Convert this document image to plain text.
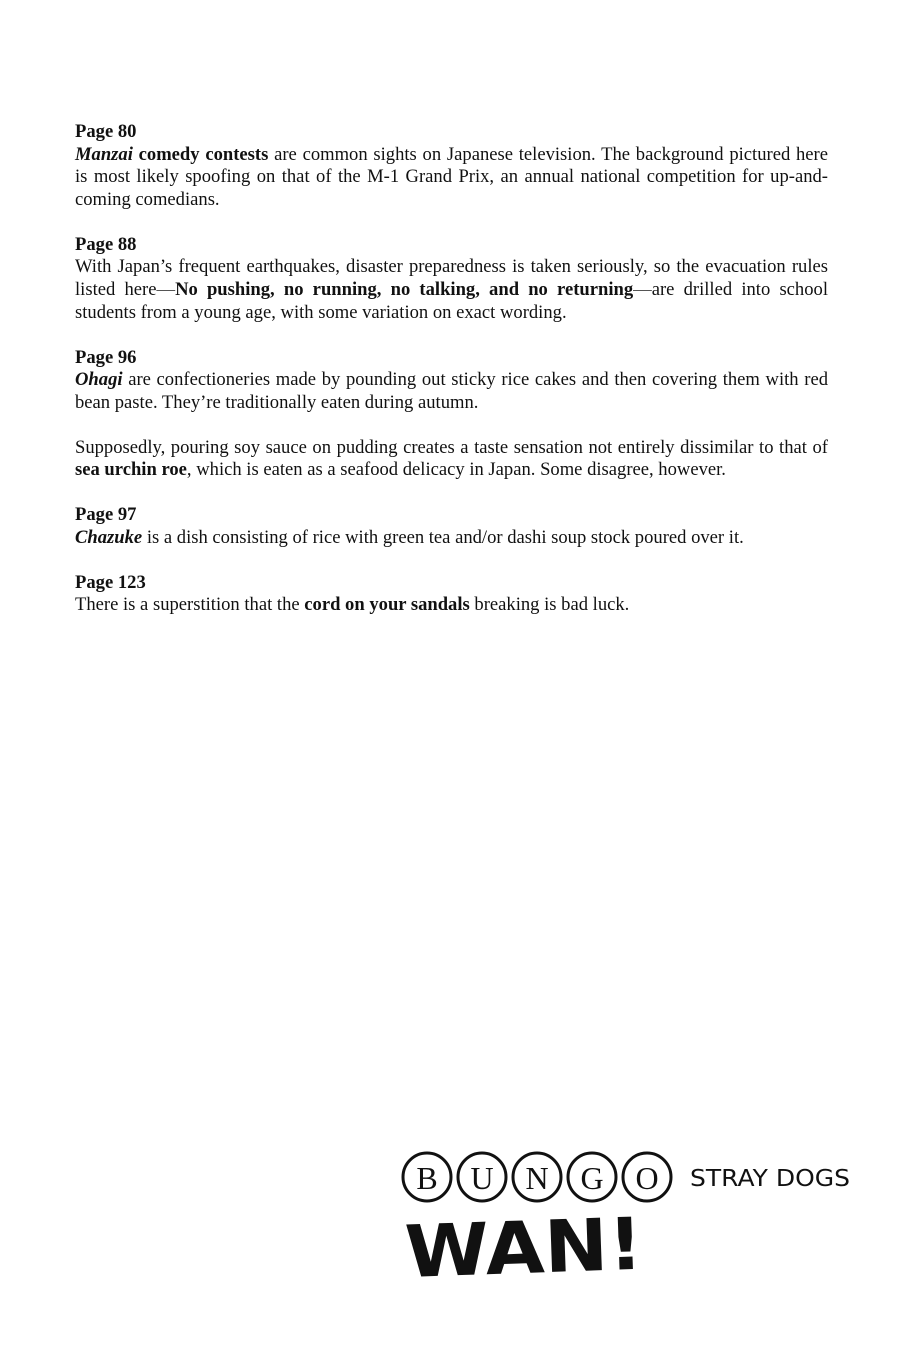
Page 80

Manzai comedy contests are common sights on Japanese television. The background pictured here is most likely spoofing on that of the M-1 Grand Prix, an annual national competition for up-and-coming comedians.

Page 88

With Japan’s frequent earthquakes, disaster preparedness is taken seriously, so the evacuation rules listed here—No pushing, no running, no talking, and no returning—are drilled into school students from a young age, with some variation on exact wording.

Page 96

Ohagi are confectioneries made by pounding out sticky rice cakes and then covering them with red bean paste. They’re traditionally eaten during autumn.

Supposedly, pouring soy sauce on pudding creates a taste sensation not entirely dissimilar to that of sea urchin roe, which is eaten as a seafood delicacy in Japan. Some disagree, however.

Page 97

Chazuke is a dish consisting of rice with green tea and/or dashi soup stock poured over it.

Page 123

There is a superstition that the cord on your sandals breaking is bad luck.

B U N G O STRAY DOGS
WAN!
